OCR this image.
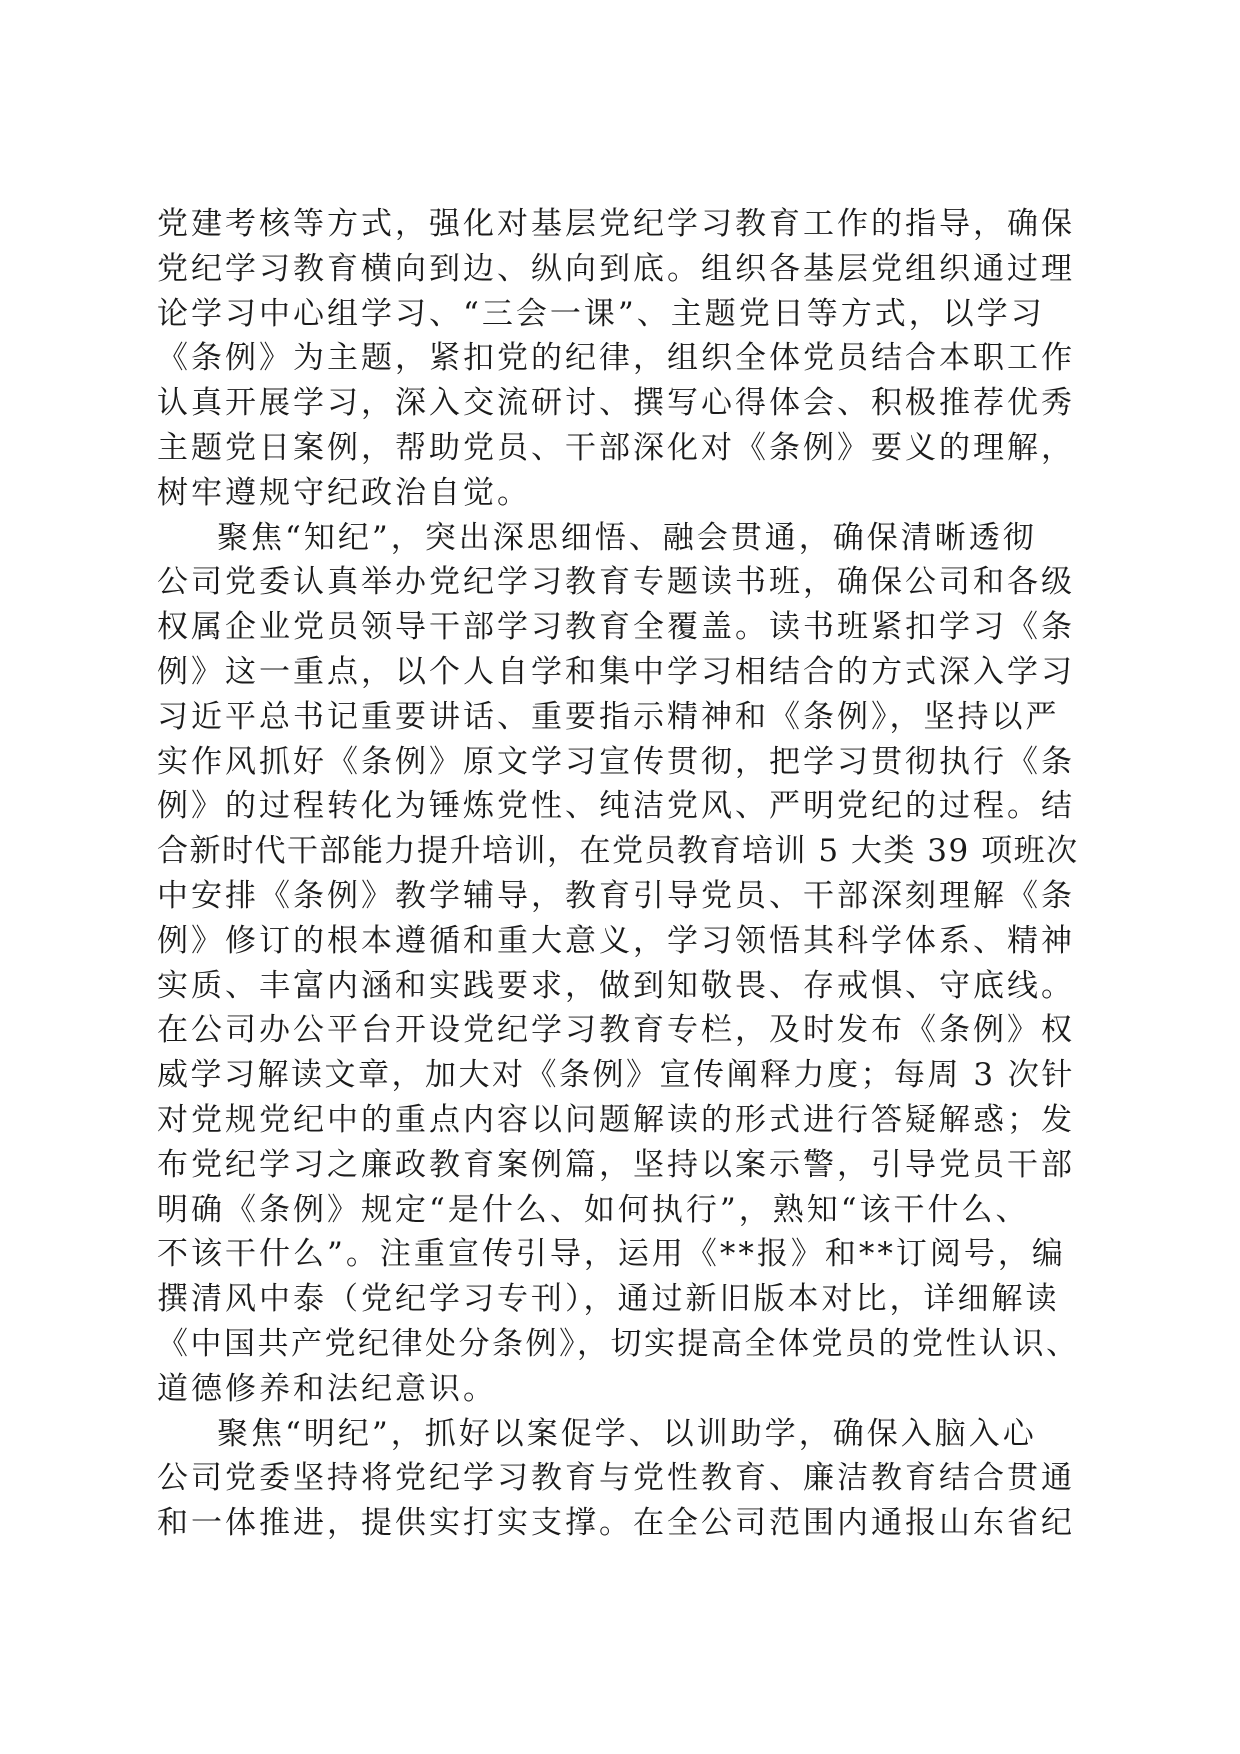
党建考核等方式，强化对基层党纪学习教育工作的指导，确保
党纪学习教育横向到边、纵向到底。组织各基层党组织通过理
论学习中心组学习、“三会一课”、主题党日等方式，以学习
《条例》为主题，紧扣党的纪律，组织全体党员结合本职工作
认真开展学习，深入交流研讨、撰写心得体会、积极推荐优秀
主题党日案例，帮助党员、干部深化对《条例》要义的理解，
树牢遵规守纪政治自觉。
聚焦“知纪”，突出深思细悟、融会贯通，确保清晰透彻
公司党委认真举办党纪学习教育专题读书班，确保公司和各级
权属企业党员领导干部学习教育全覆盖。读书班紧扣学习《条
例》这一重点，以个人自学和集中学习相结合的方式深入学习
习近平总书记重要讲话、重要指示精神和《条例》，坚持以严
实作风抓好《条例》原文学习宣传贯彻，把学习贯彻执行《条
例》的过程转化为锤炼党性、纯洁党风、严明党纪的过程。结
合新时代干部能力提升培训，在党员教育培训 5 大类 39 项班次
中安排《条例》教学辅导，教育引导党员、干部深刻理解《条
例》修订的根本遵循和重大意义，学习领悟其科学体系、精神
实质、丰富内涵和实践要求，做到知敬畏、存戒惧、守底线。
在公司办公平台开设党纪学习教育专栏，及时发布《条例》权
威学习解读文章，加大对《条例》宣传阐释力度；每周 3 次针
对党规党纪中的重点内容以问题解读的形式进行答疑解惑；发
布党纪学习之廉政教育案例篇，坚持以案示警，引导党员干部
明确《条例》规定“是什么、如何执行”，熟知“该干什么、
不该干什么”。注重宣传引导，运用《**报》和**订阅号，编
撰清风中泰（党纪学习专刊），通过新旧版本对比，详细解读
《中国共产党纪律处分条例》，切实提高全体党员的党性认识、
道德修养和法纪意识。
聚焦“明纪”，抓好以案促学、以训助学，确保入脑入心
公司党委坚持将党纪学习教育与党性教育、廉洁教育结合贯通
和一体推进，提供实打实支撑。在全公司范围内通报山东省纪
